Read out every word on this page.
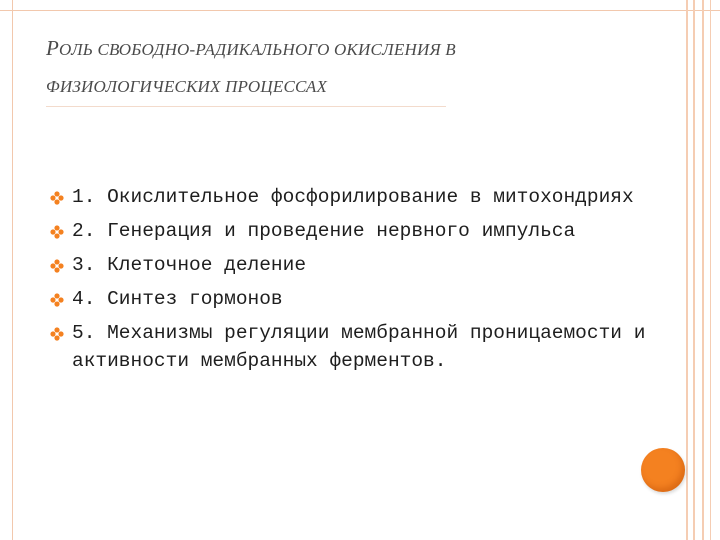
РОЛЬ СВОБОДНО-РАДИКАЛЬНОГО ОКИСЛЕНИЯ В
ФИЗИОЛОГИЧЕСКИХ ПРОЦЕССАХ
1. Окислительное фосфорилирование в митохондриях
2. Генерация и проведение нервного импульса
3. Клеточное деление
4. Синтез гормонов
5. Механизмы регуляции мембранной проницаемости и активности мембранных ферментов.
